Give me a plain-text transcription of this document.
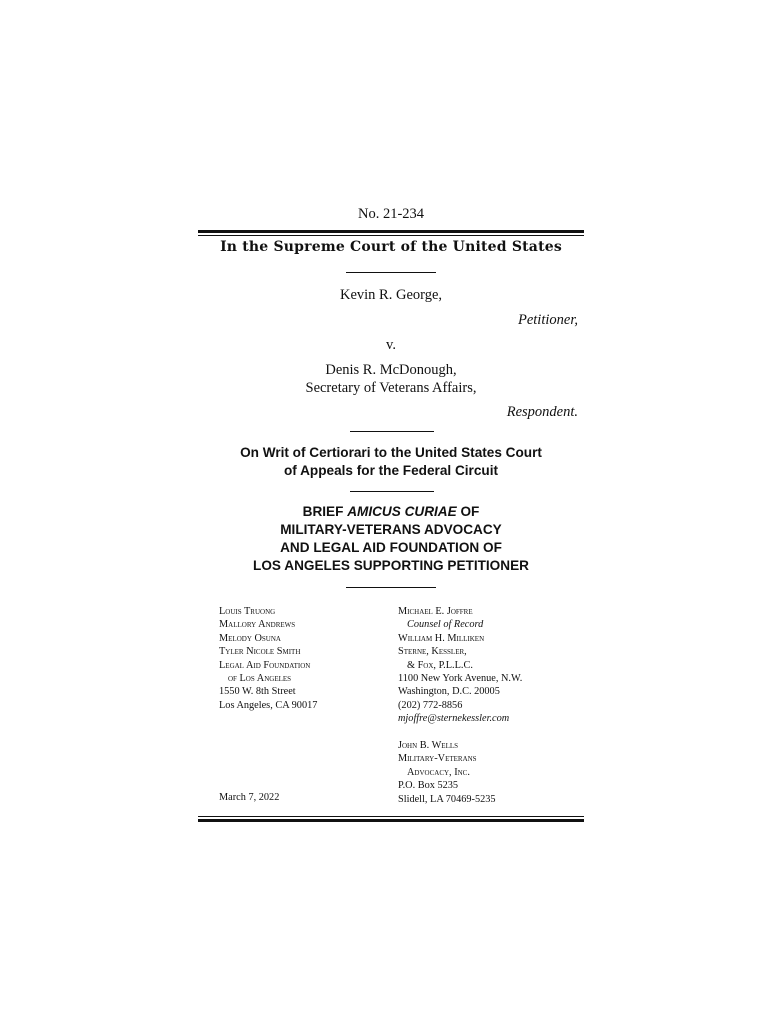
No. 21-234
In the Supreme Court of the United States
Kevin R. George,
Petitioner,
v.
Denis R. McDonough,
Secretary of Veterans Affairs,
Respondent.
On Writ of Certiorari to the United States Court
of Appeals for the Federal Circuit
BRIEF AMICUS CURIAE OF
MILITARY-VETERANS ADVOCACY
AND LEGAL AID FOUNDATION OF
LOS ANGELES SUPPORTING PETITIONER
Louis Truong
Mallory Andrews
Melody Osuna
Tyler Nicole Smith
Legal Aid Foundation
of Los Angeles
1550 W. 8th Street
Los Angeles, CA 90017
March 7, 2022
Michael E. Joffre
Counsel of Record
William H. Milliken
Sterne, Kessler,
& Fox, P.L.L.C.
1100 New York Avenue, N.W.
Washington, D.C. 20005
(202) 772-8856
mjoffre@sternekessler.com
John B. Wells
Military-Veterans
Advocacy, Inc.
P.O. Box 5235
Slidell, LA 70469-5235
